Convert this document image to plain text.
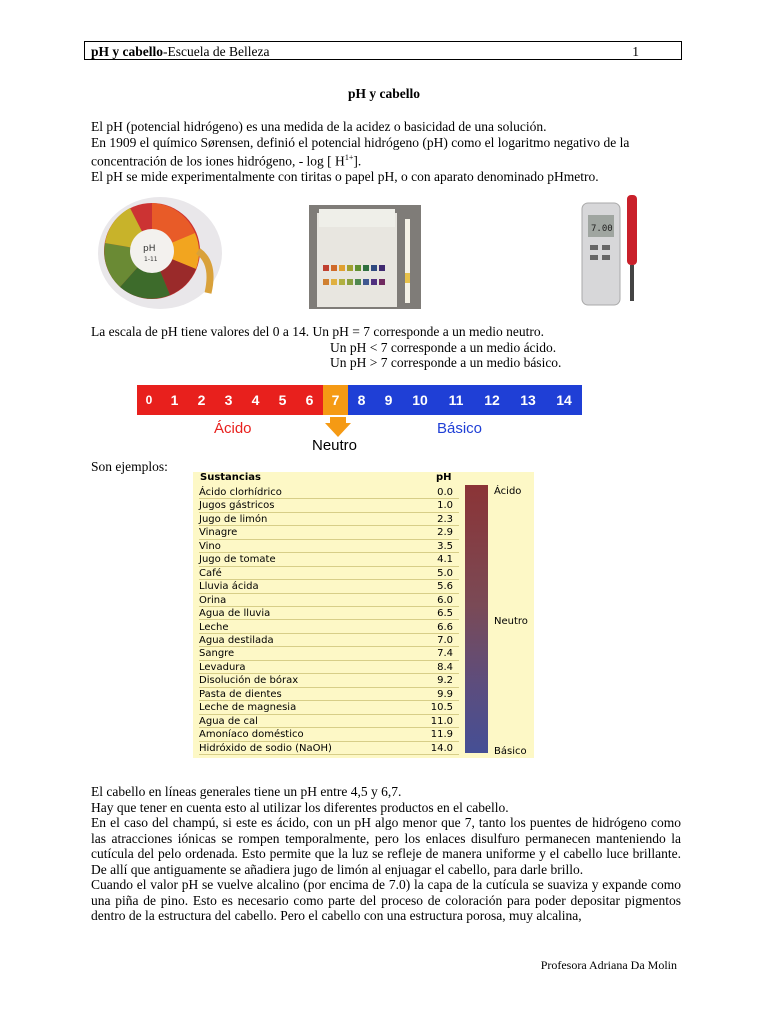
pH y cabello-Escuela de Belleza	1
pH y cabello
El pH (potencial hidrógeno) es una medida de la acidez o basicidad de una solución.
En 1909 el químico Sørensen, definió el potencial hidrógeno (pH) como el logaritmo negativo de la concentración de los iones hidrógeno, - log [ $H^{1+}$].
El pH se mide experimentalmente con tiritas o papel pH, o con aparato denominado pHmetro.
pH
1-11
7.00
La escala de pH tiene valores del 0 a 14. Un pH = 7 corresponde a un medio neutro.
Un pH < 7 corresponde a un medio ácido.
Un pH > 7 corresponde a un medio básico.
0	1	2	3	4	5	6	7	8	9	10	11	12	13	14
Ácido
Neutro
Básico
Son ejemplos:
Sustancias	pH
Ácido clorhídrico	0.0
Jugos gástricos	1.0
Jugo de limón	2.3
Vinagre	2.9
Vino	3.5
Jugo de tomate	4.1
Café	5.0
Lluvia ácida	5.6
Orina	6.0
Agua de lluvia	6.5
Leche	6.6
Agua destilada	7.0
Sangre	7.4
Levadura	8.4
Disolución de bórax	9.2
Pasta de dientes	9.9
Leche de magnesia	10.5
Agua de cal	11.0
Amoníaco doméstico	11.9
Hidróxido de sodio (NaOH)	14.0
Ácido
Neutro
Básico
El cabello en líneas generales tiene un pH entre 4,5 y 6,7.
Hay que tener en cuenta esto al utilizar los diferentes productos en el cabello.
En el caso del champú, si este es ácido, con un pH algo menor que 7, tanto los puentes de hidrógeno como las atracciones iónicas se rompen temporalmente, pero los enlaces disulfuro permanecen manteniendo la cutícula del pelo ordenada. Esto permite que la luz se refleje de manera uniforme y el cabello luce brillante. De allí que antiguamente se añadiera jugo de limón al enjuagar el cabello, para darle brillo.
Cuando el valor pH se vuelve alcalino (por encima de 7.0) la capa de la cutícula se suaviza y expande como una piña de pino. Esto es necesario como parte del proceso de coloración para poder depositar pigmentos dentro de la estructura del cabello. Pero el cabello con una estructura porosa, muy alcalina,
Profesora Adriana Da Molin
